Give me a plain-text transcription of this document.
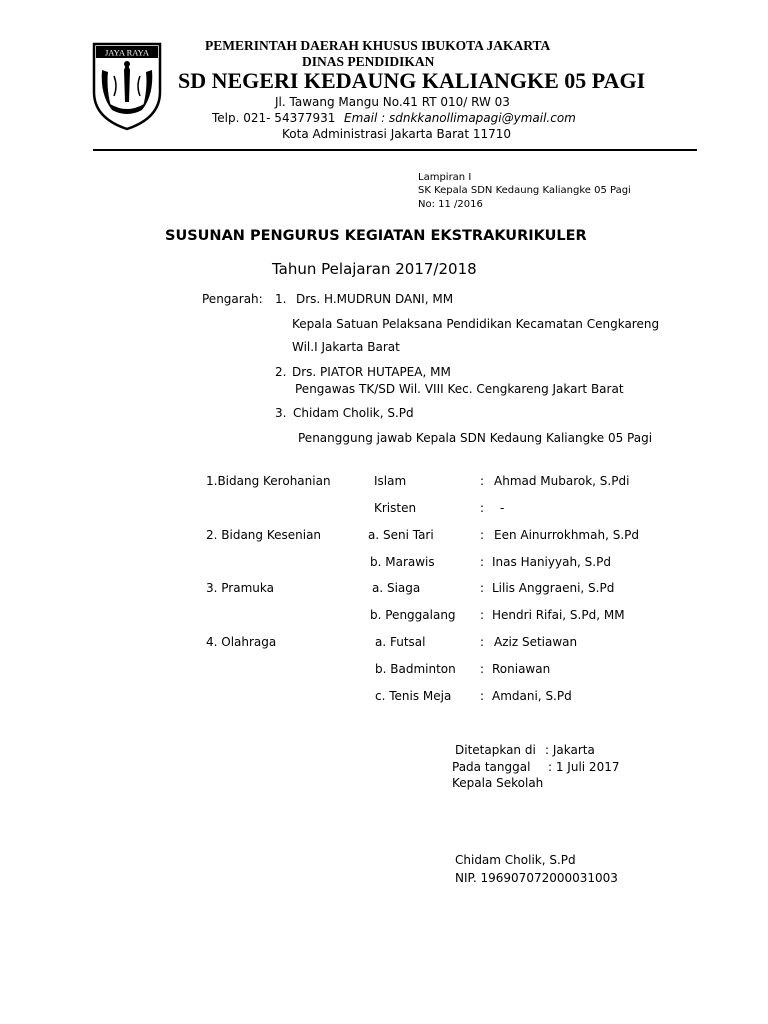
JAYA RAYA	PEMERINTAH DAERAH KHUSUS IBUKOTA JAKARTA
DINAS PENDIDIKAN
SD NEGERI KEDAUNG KALIANGKE 05 PAGI
Jl. Tawang Mangu No.41 RT 010/ RW 03
Telp. 021- 54377931 Email : sdnkkanollimapagi@ymail.com
Kota Administrasi Jakarta Barat 11710
Lampiran I
SK Kepala SDN Kedaung Kaliangke 05 Pagi
No: 11 /2016
SUSUNAN PENGURUS KEGIATAN EKSTRAKURIKULER
Tahun Pelajaran 2017/2018
Pengarah: 1. Drs. H.MUDRUN DANI, MM
Kepala Satuan Pelaksana Pendidikan Kecamatan Cengkareng
Wil.I Jakarta Barat
2. Drs. PIATOR HUTAPEA, MM
Pengawas TK/SD Wil. VIII Kec. Cengkareng Jakart Barat
3. Chidam Cholik, S.Pd
Penanggung jawab Kepala SDN Kedaung Kaliangke 05 Pagi
1.Bidang Kerohanian	Islam	: Ahmad Mubarok, S.Pdi
Kristen	: -
2. Bidang Kesenian	a. Seni Tari	: Een Ainurrokhmah, S.Pd
b. Marawis	: Inas Haniyyah, S.Pd
3. Pramuka	a. Siaga	: Lilis Anggraeni, S.Pd
b. Penggalang : Hendri Rifai, S.Pd, MM
4. Olahraga	a. Futsal	: Aziz Setiawan
b. Badminton : Roniawan
c. Tenis Meja : Amdani, S.Pd
Ditetapkan di : Jakarta
Pada tanggal : 1 Juli 2017
Kepala Sekolah
Chidam Cholik, S.Pd
NIP. 196907072000031003
